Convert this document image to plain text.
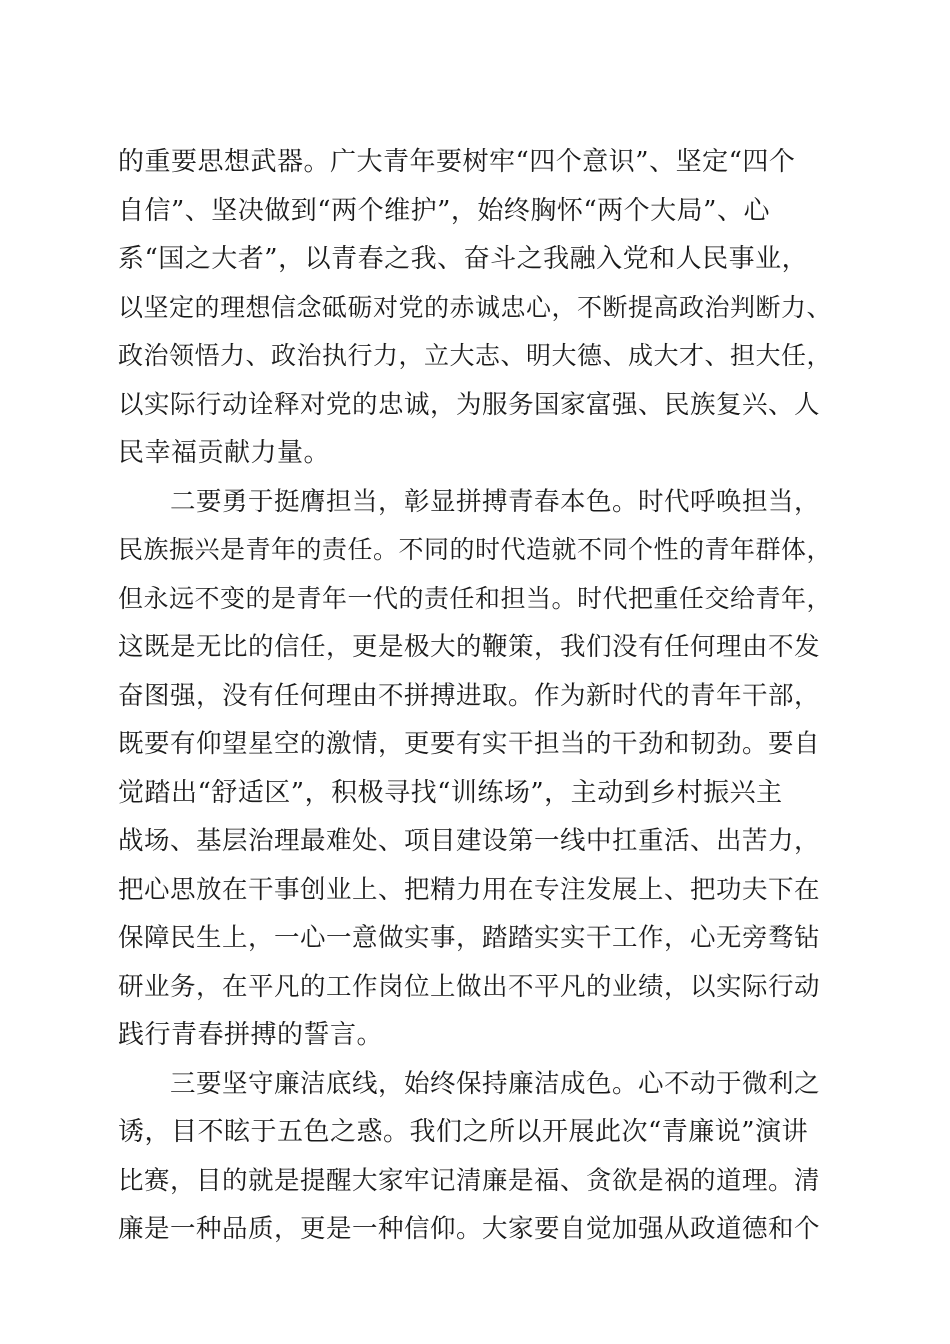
的重要思想武器。广大青年要树牢“四个意识”、坚定“四个
自信”、坚决做到“两个维护”，始终胸怀“两个大局”、心
系“国之大者”，以青春之我、奋斗之我融入党和人民事业，
以坚定的理想信念砥砺对党的赤诚忠心，不断提高政治判断力、
政治领悟力、政治执行力，立大志、明大德、成大才、担大任，
以实际行动诠释对党的忠诚，为服务国家富强、民族复兴、人
民幸福贡献力量。
　　二要勇于挺膺担当，彰显拼搏青春本色。时代呼唤担当，
民族振兴是青年的责任。不同的时代造就不同个性的青年群体，
但永远不变的是青年一代的责任和担当。时代把重任交给青年，
这既是无比的信任，更是极大的鞭策，我们没有任何理由不发
奋图强，没有任何理由不拼搏进取。作为新时代的青年干部，
既要有仰望星空的激情，更要有实干担当的干劲和韧劲。要自
觉踏出“舒适区”，积极寻找“训练场”，主动到乡村振兴主
战场、基层治理最难处、项目建设第一线中扛重活、出苦力，
把心思放在干事创业上、把精力用在专注发展上、把功夫下在
保障民生上，一心一意做实事，踏踏实实干工作，心无旁骛钻
研业务，在平凡的工作岗位上做出不平凡的业绩，以实际行动
践行青春拼搏的誓言。
　　三要坚守廉洁底线，始终保持廉洁成色。心不动于微利之
诱，目不眩于五色之惑。我们之所以开展此次“青廉说”演讲
比赛，目的就是提醒大家牢记清廉是福、贪欲是祸的道理。清
廉是一种品质，更是一种信仰。大家要自觉加强从政道德和个
